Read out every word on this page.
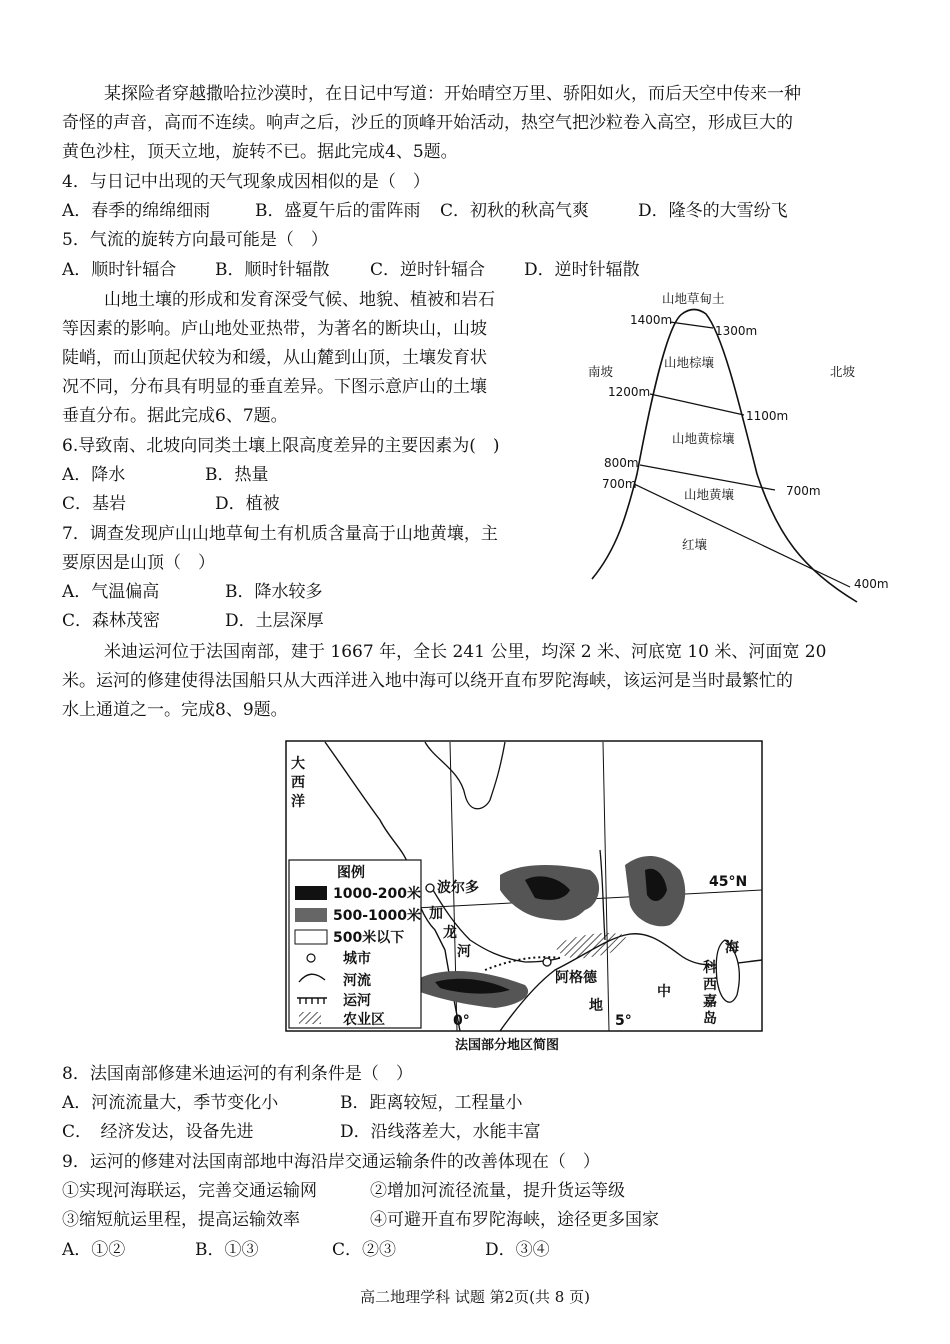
某探险者穿越撒哈拉沙漠时，在日记中写道：开始晴空万里、骄阳如火，而后天空中传来一种
奇怪的声音，高而不连续。响声之后，沙丘的顶峰开始活动，热空气把沙粒卷入高空，形成巨大的
黄色沙柱，顶天立地，旋转不已。据此完成4、5题。
4．与日记中出现的天气现象成因相似的是（　）
A．春季的绵绵细雨	B．盛夏午后的雷阵雨 C．初秋的秋高气爽	D．隆冬的大雪纷飞
5．气流的旋转方向最可能是（　）
A．顺时针辐合 B．顺时针辐散 C．逆时针辐合 D．逆时针辐散
山地土壤的形成和发育深受气候、地貌、植被和岩石
等因素的影响。庐山地处亚热带，为著名的断块山，山坡
陡峭，而山顶起伏较为和缓，从山麓到山顶，土壤发育状
况不同，分布具有明显的垂直差异。下图示意庐山的土壤
垂直分布。据此完成6、7题。
6.导致南、北坡向同类土壤上限高度差异的主要因素为(　)
A．降水	B．热量
C．基岩	D．植被
7．调查发现庐山山地草甸土有机质含量高于山地黄壤，主
要原因是山顶（　）
A．气温偏高	B．降水较多
C．森林茂密	D．土层深厚
山地草甸土
山地棕壤
山地黄棕壤
山地黄壤
红壤
南坡	北坡
1400m
1200m
800m
700m
1300m
1100m
700m
400m
米迪运河位于法国南部，建于 1667 年，全长 241 公里，均深 2 米、河底宽 10 米、河面宽 20
米。运河的修建使得法国船只从大西洋进入地中海可以绕开直布罗陀海峡，该运河是当时最繁忙的
水上通道之一。完成8、9题。
图例
1000-200米
500-1000米
500米以下
城市
河流
运河
农业区
大
西
洋
波尔多
加
龙
河
阿格德
45°N
0°	5°
地
中
海
科
西
嘉
岛
法国部分地区简图
8．法国南部修建米迪运河的有利条件是（　）
A．河流流量大，季节变化小	B．距离较短，工程量小
C．　经济发达，设备先进	D．沿线落差大，水能丰富
9．运河的修建对法国南部地中海沿岸交通运输条件的改善体现在（　）
①实现河海联运，完善交通运输网	②增加河流径流量，提升货运等级
③缩短航运里程，提高运输效率	④可避开直布罗陀海峡，途径更多国家
A．①②	B．①③	C．②③	D．③④
高二地理学科 试题 第2页(共 8 页)
